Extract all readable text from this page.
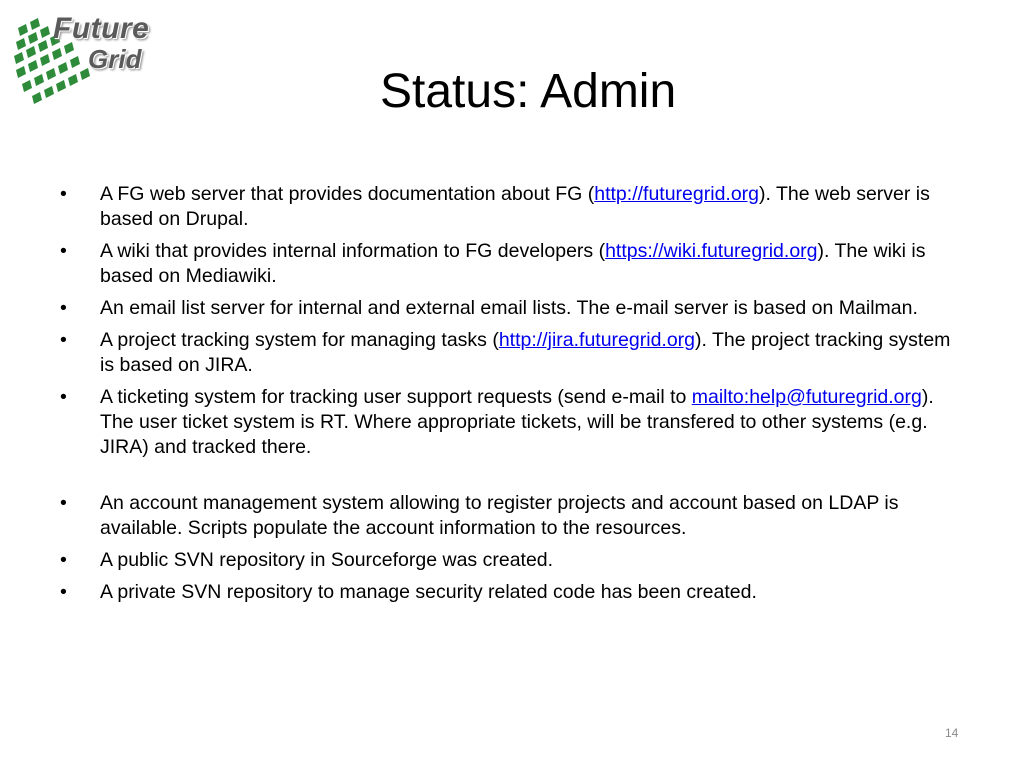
Future
Grid
Status: Admin
• A FG web server that provides documentation about FG (http://futuregrid.org). The web server is based on Drupal.
• A wiki that provides internal information to FG developers (https://wiki.futuregrid.org). The wiki is based on Mediawiki.
• An email list server for internal and external email lists. The e-mail server is based on Mailman.
• A project tracking system for managing tasks (http://jira.futuregrid.org). The project tracking system is based on JIRA.
• A ticketing system for tracking user support requests (send e-mail to mailto:help@futuregrid.org). The user ticket system is RT. Where appropriate tickets, will be transfered to other systems (e.g. JIRA) and tracked there.
• An account management system allowing to register projects and account based on LDAP is available. Scripts populate the account information to the resources.
• A public SVN repository in Sourceforge was created.
• A private SVN repository to manage security related code has been created.
14
